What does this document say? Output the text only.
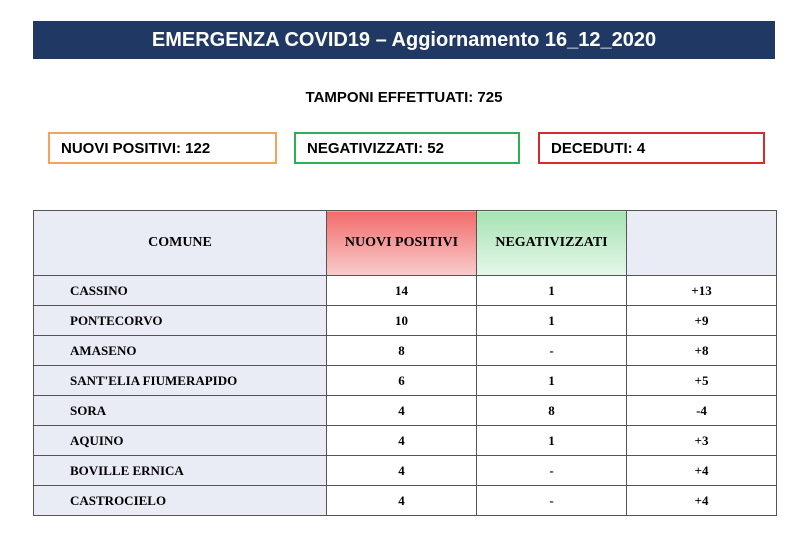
EMERGENZA COVID19 – Aggiornamento 16_12_2020
TAMPONI EFFETTUATI: 725
NUOVI POSITIVI: 122	NEGATIVIZZATI: 52	DECEDUTI: 4
COMUNE	NUOVI POSITIVI	NEGATIVIZZATI	
CASSINO	14	1	+13
PONTECORVO	10	1	+9
AMASENO	8	-	+8
SANT'ELIA FIUMERAPIDO	6	1	+5
SORA	4	8	-4
AQUINO	4	1	+3
BOVILLE ERNICA	4	-	+4
CASTROCIELO	4	-	+4
